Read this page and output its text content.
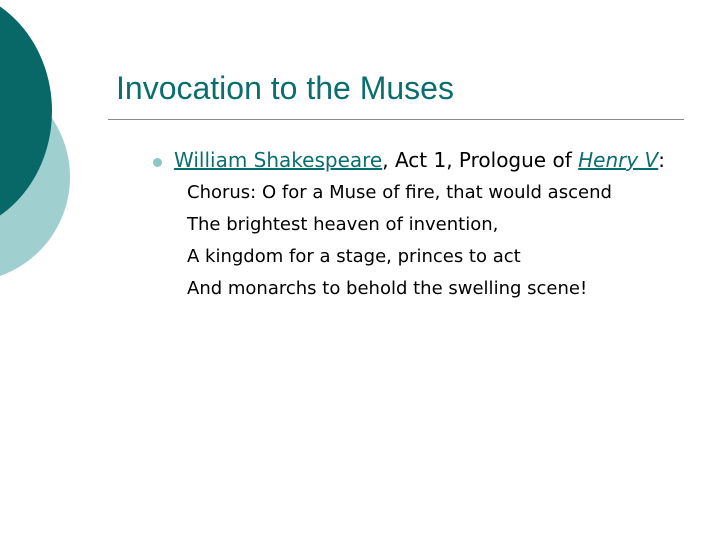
Invocation to the Muses
William Shakespeare, Act 1, Prologue of Henry V:
Chorus: O for a Muse of fire, that would ascend
The brightest heaven of invention,
A kingdom for a stage, princes to act
And monarchs to behold the swelling scene!
